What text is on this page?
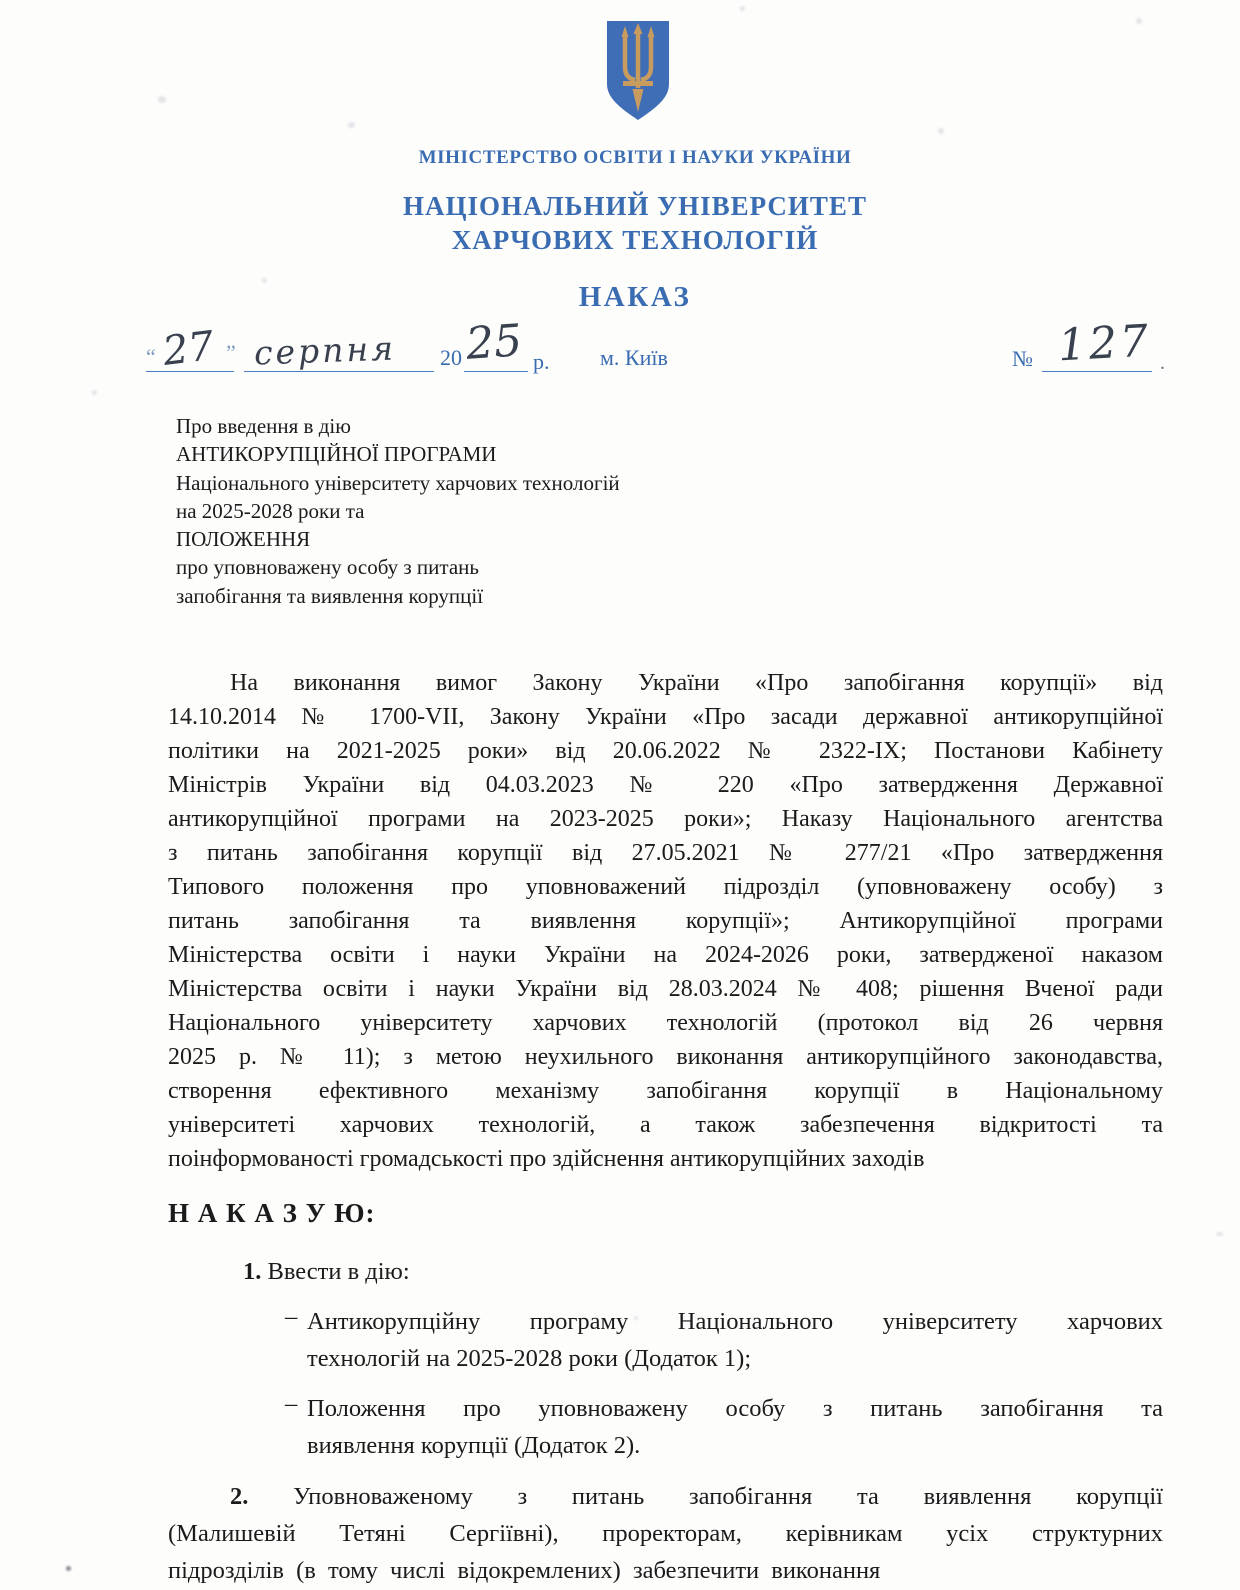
МІНІСТЕРСТВО ОСВІТИ І НАУКИ УКРАЇНИ
НАЦІОНАЛЬНИЙ УНІВЕРСИТЕТ
ХАРЧОВИХ ТЕХНОЛОГІЙ
НАКАЗ
“ 27 ” серпня 20 25 р. м. Київ	№ 127 .
Про введення в дію
АНТИКОРУПЦІЙНОЇ ПРОГРАМИ
Національного університету харчових технологій
на 2025-2028 роки та
ПОЛОЖЕННЯ
про уповноважену особу з питань
запобігання та виявлення корупції
На виконання вимог Закону України «Про запобігання корупції» від
14.10.2014 № 1700-VII, Закону України «Про засади державної антикорупційної
політики на 2021-2025 роки» від 20.06.2022 № 2322-IX; Постанови Кабінету
Міністрів України від 04.03.2023 № 220 «Про затвердження Державної
антикорупційної програми на 2023-2025 роки»; Наказу Національного агентства
з питань запобігання корупції від 27.05.2021 № 277/21 «Про затвердження
Типового положення про уповноважений підрозділ (уповноважену особу) з
питань запобігання та виявлення корупції»; Антикорупційної програми
Міністерства освіти і науки України на 2024-2026 роки, затвердженої наказом
Міністерства освіти і науки України від 28.03.2024 № 408; рішення Вченої ради
Національного університету харчових технологій (протокол від 26 червня
2025 р. № 11); з метою неухильного виконання антикорупційного законодавства,
створення ефективного механізму запобігання корупції в Національному
університеті харчових технологій, а також забезпечення відкритості та
поінформованості громадськості про здійснення антикорупційних заходів
Н А К А З У Ю:
1. Ввести в дію:
– Антикорупційну програму Національного університету харчових
технологій на 2025-2028 роки (Додаток 1);
– Положення про уповноважену особу з питань запобігання та
виявлення корупції (Додаток 2).
2. Уповноваженому з питань запобігання та виявлення корупції
(Малишевій Тетяні Сергіївні), проректорам, керівникам усіх структурних
підрозділів (в тому числі відокремлених) забезпечити виконання
